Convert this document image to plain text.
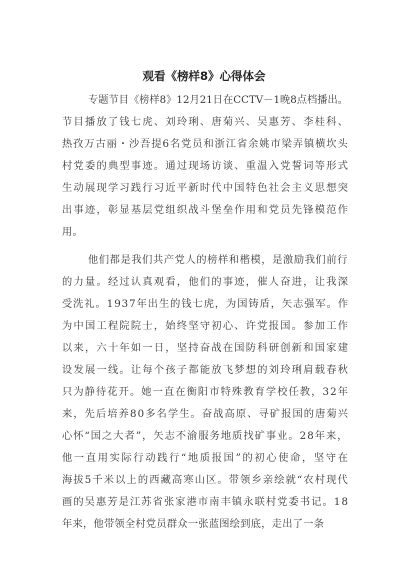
观看《榜样8》心得体会
专题节目《榜样8》12月21日在CCTV－1晚8点档播出。
节目播放了钱七虎、刘玲琍、唐菊兴、吴惠芳、李桂科、
热孜万古丽・沙吾提6名党员和浙江省余姚市梁弄镇横坎头
村党委的典型事迹。通过现场访谈、重温入党誓词等形式
生动展现学习践行习近平新时代中国特色社会主义思想突
出事迹，彰显基层党组织战斗堡垒作用和党员先锋模范作
用。
他们都是我们共产党人的榜样和楷模，是激励我们前行
的力量。经过认真观看，他们的事迹，催人奋进，让我深
受洗礼。1937年出生的钱七虎，为国铸盾，矢志强军。作
为中国工程院院士，始终坚守初心、许党报国。参加工作
以来，六十年如一日，坚持奋战在国防科研创新和国家建
设发展一线。让每个孩子都能放飞梦想的刘玲琍肩载春秋
只为静待花开。她一直在衡阳市特殊教育学校任教，32年
来，先后培养80多名学生。奋战高原、寻矿报国的唐菊兴
心怀“国之大者”，矢志不渝服务地质找矿事业。28年来，
他一直用实际行动践行“地质报国”的初心使命，坚守在
海拔5千米以上的西藏高寒山区。带领乡亲绘就“农村现代
画的吴惠芳是江苏省张家港市南丰镇永联村党委书记。18
年来，他带领全村党员群众一张蓝图绘到底，走出了一条
